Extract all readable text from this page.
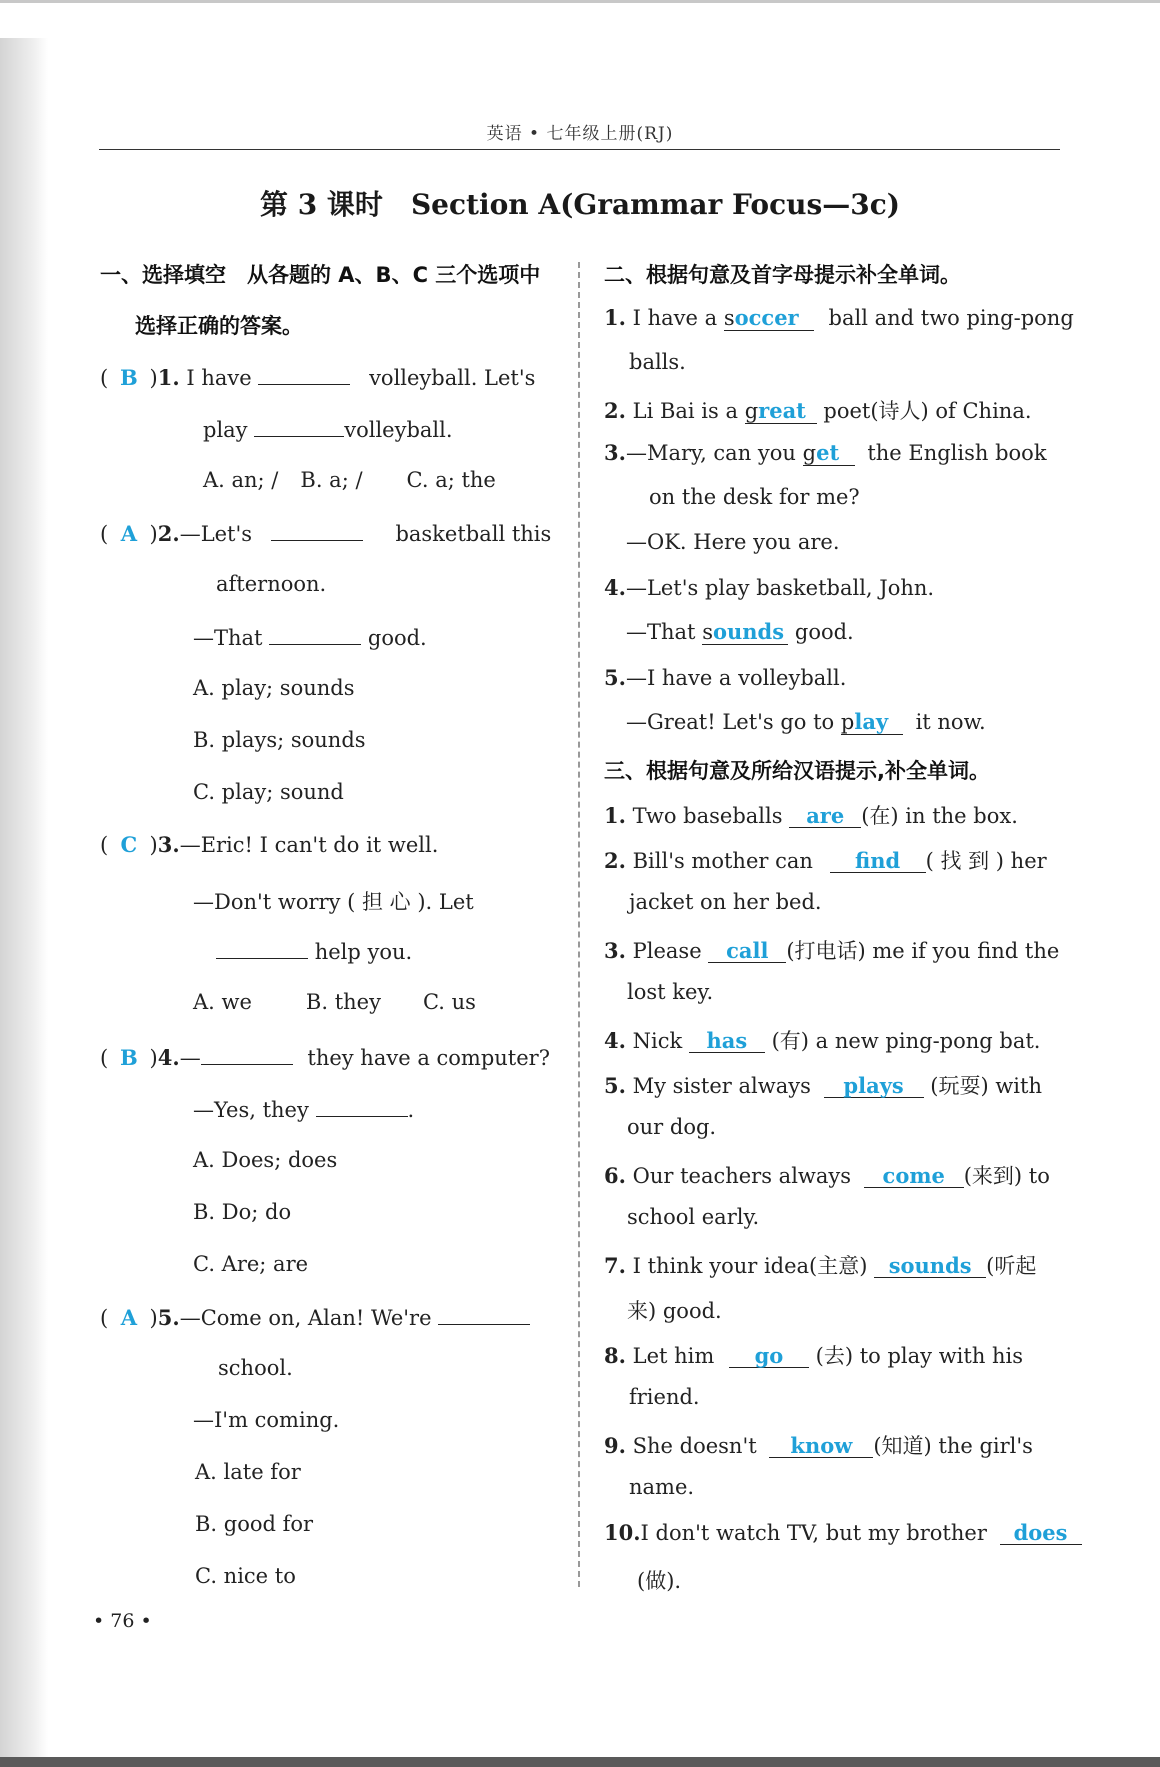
英语 • 七年级上册(RJ)
第 3 课时 Section A(Grammar Focus—3c)
一、选择填空　从各题的 A、B、C 三个选项中
选择正确的答案。
( B )1. I have	volleyball. Let's
play	volleyball.
A. an; / B. a; / C. a; the
( A )2.—Let's	basketball this
afternoon.
—That	good.
A. play; sounds
B. plays; sounds
C. play; sound
( C )3.—Eric! I can't do it well.
—Don't worry ( 担 心 ). Let
help you.
A. we	B. they C. us
( B )4.—	they have a computer?
—Yes, they	.
A. Does; does
B. Do; do
C. Are; are
( A )5.—Come on, Alan! We're
school.
—I'm coming.
A. late for
B. good for
C. nice to
二、根据句意及首字母提示补全单词。
1. I have a soccer ball and two ping-pong
balls.
2. Li Bai is a great poet(诗人) of China.
3.—Mary, can you get the English book
on the desk for me?
—OK. Here you are.
4.—Let's play basketball, John.
—That sounds good.
5.—I have a volleyball.
—Great! Let's go to play it now.
三、根据句意及所给汉语提示,补全单词。
1. Two baseballs are (在) in the box.
2. Bill's mother can find ( 找 到 ) her
jacket on her bed.
3. Please call (打电话) me if you find the
lost key.
4. Nick has (有) a new ping-pong bat.
5. My sister always plays (玩耍) with
our dog.
6. Our teachers always come (来到) to
school early.
7. I think your idea(主意) sounds (听起
来) good.
8. Let him go (去) to play with his
friend.
9. She doesn't know (知道) the girl's
name.
10.I don't watch TV, but my brother does
(做).
• 76 •
